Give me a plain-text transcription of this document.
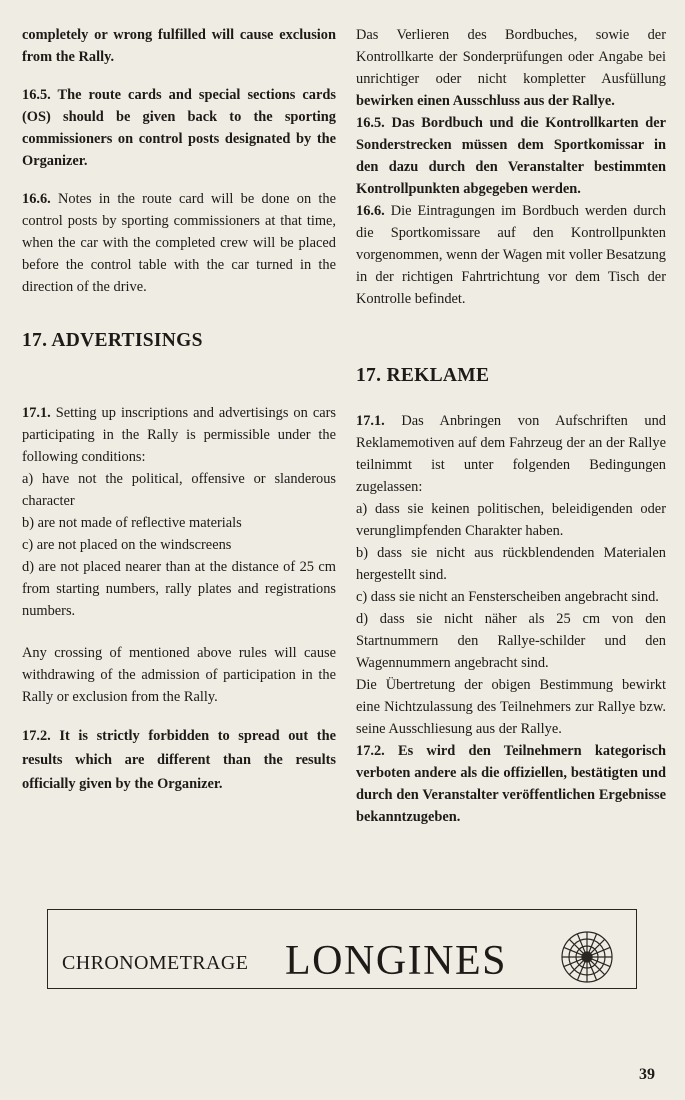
completely or wrong fulfilled will cause exclusion from the Rally.

16.5. The route cards and special sections cards (OS) should be given back to the sporting commissioners on control posts designated by the Organizer.

16.6. Notes in the route card will be done on the control posts by sporting commissioners at that time, when the car with the completed crew will be placed before the control table with the car turned in the direction of the drive.

Das Verlieren des Bordbuches, sowie der Kontrollkarte der Sonderprüfungen oder Angabe bei unrichtiger oder nicht kompletter Ausfüllung bewirken einen Ausschluss aus der Rallye.

16.5. Das Bordbuch und die Kontrollkarten der Sonderstrecken müssen dem Sportkomissar in den dazu durch den Veranstalter bestimmten Kontrollpunkten abgegeben werden.

16.6. Die Eintragungen im Bordbuch werden durch die Sportkomissare auf den Kontrollpunkten vorgenommen, wenn der Wagen mit voller Besatzung in der richtigen Fahrtrichtung vor dem Tisch der Kontrolle befindet.

17. ADVERTISINGS
17. REKLAME

17.1. Setting up inscriptions and advertisings on cars participating in the Rally is permissible under the following conditions:

a) have not the political, offensive or slanderous character

b) are not made of reflective materials

c) are not placed on the windscreens

d) are not placed nearer than at the distance of 25 cm from starting numbers, rally plates and registrations numbers.

Any crossing of mentioned above rules will cause withdrawing of the admission of participation in the Rally or exclusion from the Rally.

17.2. It is strictly forbidden to spread out the results which are different than the results officially given by the Organizer.

17.1. Das Anbringen von Aufschriften und Reklamemotiven auf dem Fahrzeug der an der Rallye teilnimmt ist unter folgenden Bedingungen zugelassen:

a) dass sie keinen politischen, beleidigenden oder verunglimpfenden Charakter haben.

b) dass sie nicht aus rückblendenden Materialen hergestellt sind.

c) dass sie nicht an Fensterscheiben angebracht sind.

d) dass sie nicht näher als 25 cm von den Startnummern den Rallye-schilder und den Wagennummern angebracht sind.

Die Übertretung der obigen Bestimmung bewirkt eine Nichtzulassung des Teilnehmers zur Rallye bzw. seine Ausschliesung aus der Rallye.

17.2. Es wird den Teilnehmern kategorisch verboten andere als die offiziellen, bestätigten und durch den Veranstalter veröffentlichen Ergebnisse bekanntzugeben.

CHRONOMETRAGE LONGINES
39
